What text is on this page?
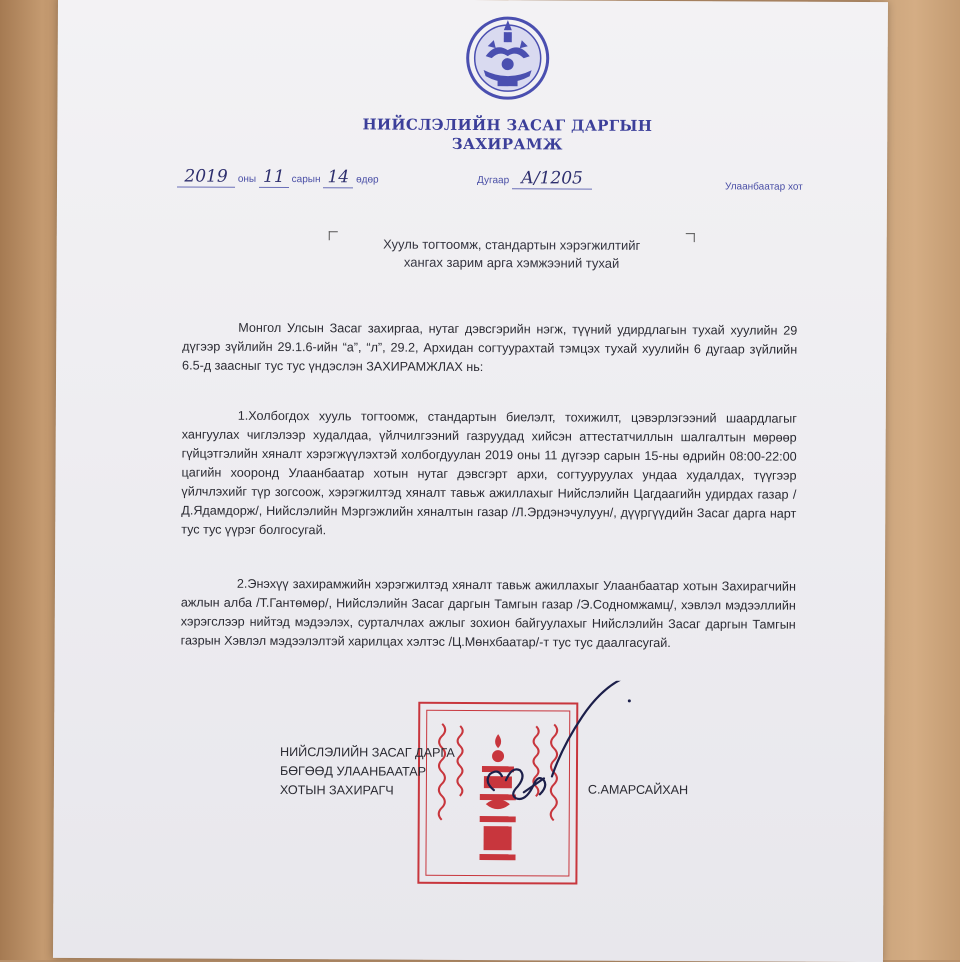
НИЙСЛЭЛИЙН ЗАСАГ ДАРГЫН
ЗАХИРАМЖ
2019 оны 11 сарын 14 өдөр	Дугаар А/1205	Улаанбаатар хот
Хууль тогтоомж, стандартын хэрэгжилтийг
хангах зарим арга хэмжээний тухай
Монгол Улсын Засаг захиргаа, нутаг дэвсгэрийн нэгж, түүний удирдлагын тухай хуулийн 29 дүгээр зүйлийн 29.1.6-ийн “а”, “л”, 29.2, Архидан согтуурахтай тэмцэх тухай хуулийн 6 дугаар зүйлийн 6.5-д заасныг тус тус үндэслэн ЗАХИРАМЖЛАХ нь:
1.Холбогдох хууль тогтоомж, стандартын биелэлт, тохижилт, цэвэрлэгээний шаардлагыг хангуулах чиглэлээр худалдаа, үйлчилгээний газруудад хийсэн аттестатчиллын шалгалтын мөрөөр гүйцэтгэлийн хяналт хэрэгжүүлэхтэй холбогдуулан 2019 оны 11 дүгээр сарын 15-ны өдрийн 08:00-22:00 цагийн хооронд Улаанбаатар хотын нутаг дэвсгэрт архи, согтууруулах ундаа худалдах, түүгээр үйлчлэхийг түр зогсоож, хэрэгжилтэд хяналт тавьж ажиллахыг Нийслэлийн Цагдаагийн удирдах газар /Д.Ядамдорж/, Нийслэлийн Мэргэжлийн хяналтын газар /Л.Эрдэнэчулуун/, дүүргүүдийн Засаг дарга нарт тус тус үүрэг болгосугай.
2.Энэхүү захирамжийн хэрэгжилтэд хяналт тавьж ажиллахыг Улаанбаатар хотын Захирагчийн ажлын алба /Т.Гантөмөр/, Нийслэлийн Засаг даргын Тамгын газар /Э.Содномжамц/, хэвлэл мэдээллийн хэрэгслээр нийтэд мэдээлэх, сурталчлах ажлыг зохион байгуулахыг Нийслэлийн Засаг даргын Тамгын газрын Хэвлэл мэдээлэлтэй харилцах хэлтэс /Ц.Мөнхбаатар/-т тус тус даалгасугай.
НИЙСЛЭЛИЙН ЗАСАГ ДАРГА
БӨГӨӨД УЛААНБААТАР
ХОТЫН ЗАХИРАГЧ	С.АМАРСАЙХАН
